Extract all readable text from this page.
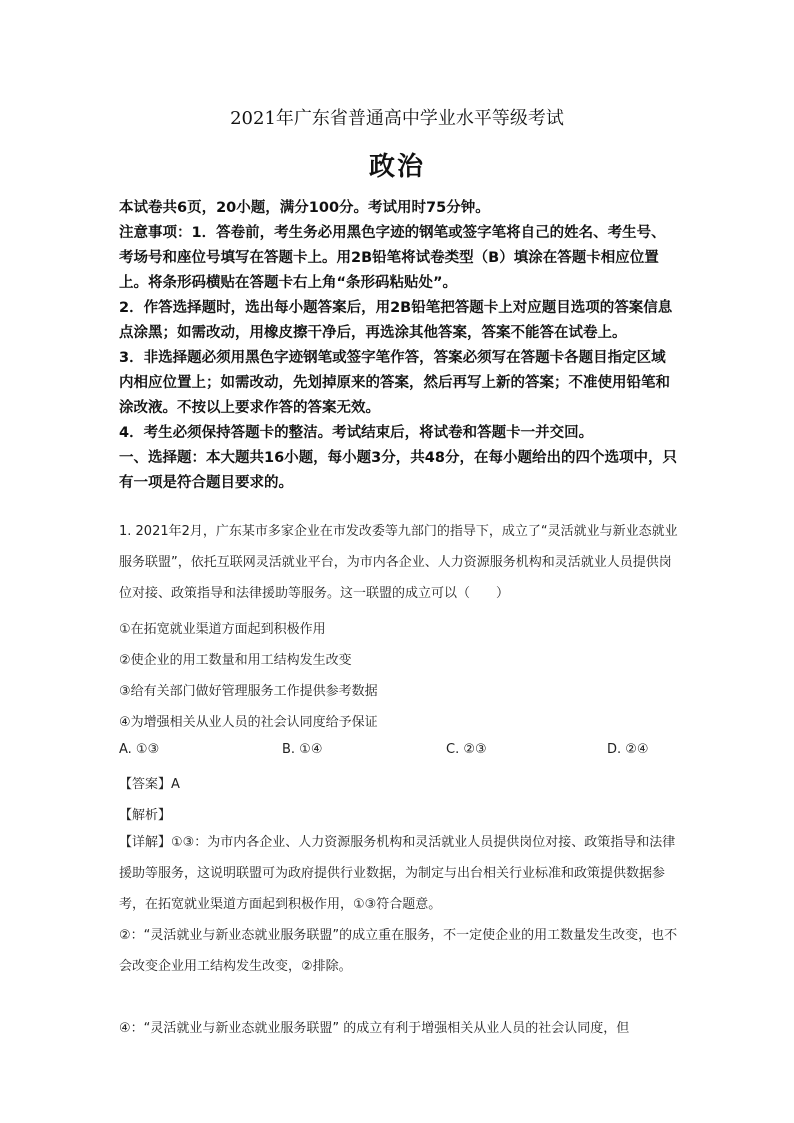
2021年广东省普通高中学业水平等级考试
政治

本试卷共6页，20小题，满分100分。考试用时75分钟。

注意事项：1．答卷前，考生务必用黑色字迹的钢笔或签字笔将自己的姓名、考生号、考场号和座位号填写在答题卡上。用2B铅笔将试卷类型（B）填涂在答题卡相应位置上。将条形码横贴在答题卡右上角“条形码粘贴处”。

2．作答选择题时，选出每小题答案后，用2B铅笔把答题卡上对应题目选项的答案信息点涂黑；如需改动，用橡皮擦干净后，再选涂其他答案，答案不能答在试卷上。

3．非选择题必须用黑色字迹钢笔或签字笔作答，答案必须写在答题卡各题目指定区域内相应位置上；如需改动，先划掉原来的答案，然后再写上新的答案；不准使用铅笔和涂改液。不按以上要求作答的答案无效。

4．考生必须保持答题卡的整洁。考试结束后，将试卷和答题卡一并交回。

一、选择题：本大题共16小题，每小题3分，共48分，在每小题给出的四个选项中，只有一项是符合题目要求的。

1. 2021年2月，广东某市多家企业在市发改委等九部门的指导下，成立了“灵活就业与新业态就业服务联盟”，依托互联网灵活就业平台，为市内各企业、人力资源服务机构和灵活就业人员提供岗位对接、政策指导和法律援助等服务。这一联盟的成立可以（　　）
①在拓宽就业渠道方面起到积极作用
②使企业的用工数量和用工结构发生改变
③给有关部门做好管理服务工作提供参考数据
④为增强相关从业人员的社会认同度给予保证
A. ①③	B. ①④	C. ②③	D. ②④
【答案】A
【解析】
【详解】①③：为市内各企业、人力资源服务机构和灵活就业人员提供岗位对接、政策指导和法律援助等服务，这说明联盟可为政府提供行业数据，为制定与出台相关行业标准和政策提供数据参考，在拓宽就业渠道方面起到积极作用，①③符合题意。
②：“灵活就业与新业态就业服务联盟”的成立重在服务，不一定使企业的用工数量发生改变，也不会改变企业用工结构发生改变，②排除。
④：“灵活就业与新业态就业服务联盟” 的成立有利于增强相关从业人员的社会认同度，但
